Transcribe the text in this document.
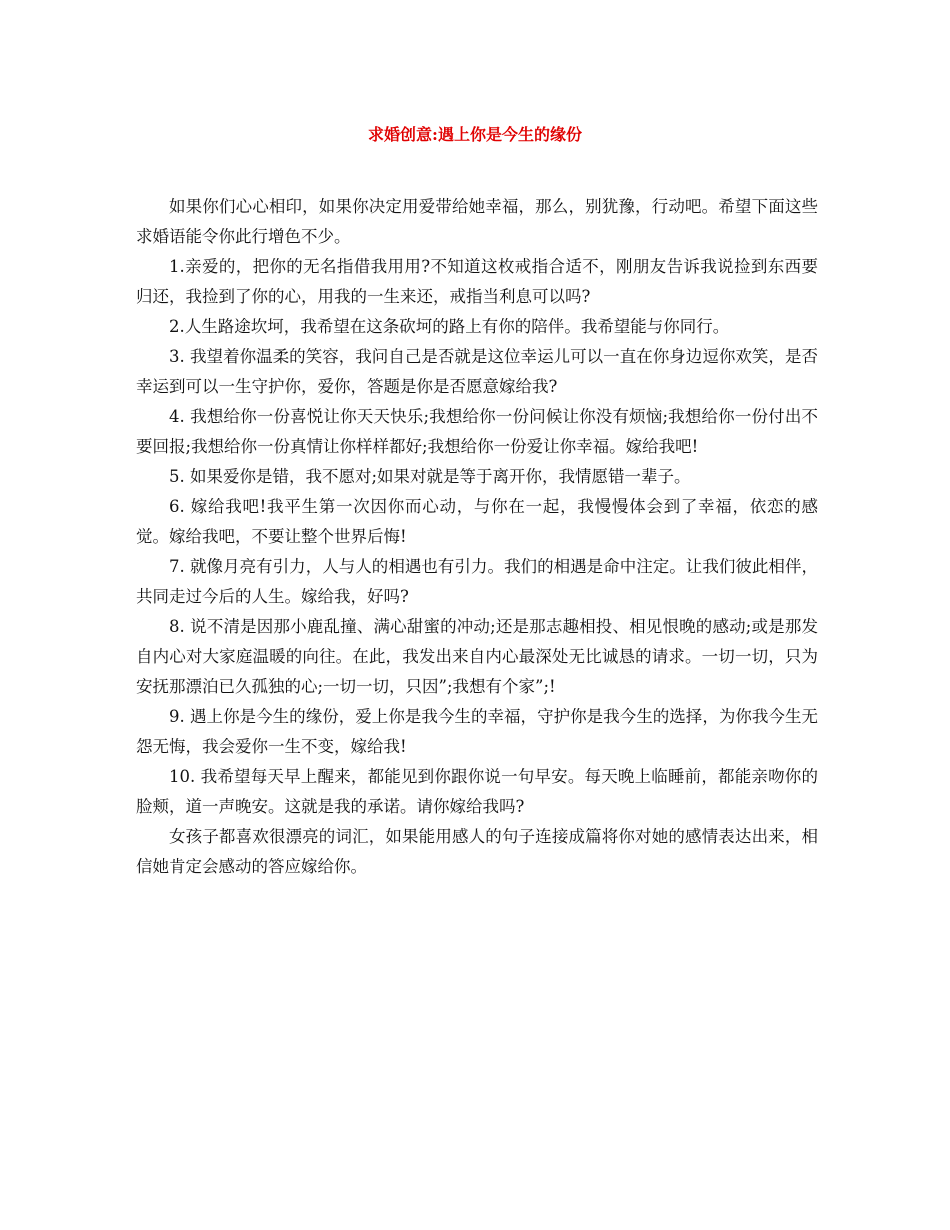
求婚创意:遇上你是今生的缘份

如果你们心心相印，如果你决定用爱带给她幸福，那么，别犹豫，行动吧。希望下面这些求婚语能令你此行增色不少。

1.亲爱的，把你的无名指借我用用?不知道这枚戒指合适不，刚朋友告诉我说捡到东西要归还，我捡到了你的心，用我的一生来还，戒指当利息可以吗?

2.人生路途坎坷，我希望在这条砍坷的路上有你的陪伴。我希望能与你同行。

3. 我望着你温柔的笑容，我问自己是否就是这位幸运儿可以一直在你身边逗你欢笑，是否幸运到可以一生守护你，爱你，答题是你是否愿意嫁给我?

4. 我想给你一份喜悦让你天天快乐;我想给你一份问候让你没有烦恼;我想给你一份付出不要回报;我想给你一份真情让你样样都好;我想给你一份爱让你幸福。嫁给我吧!

5. 如果爱你是错，我不愿对;如果对就是等于离开你，我情愿错一辈子。

6. 嫁给我吧!我平生第一次因你而心动，与你在一起，我慢慢体会到了幸福，依恋的感觉。嫁给我吧，不要让整个世界后悔!

7. 就像月亮有引力，人与人的相遇也有引力。我们的相遇是命中注定。让我们彼此相伴，共同走过今后的人生。嫁给我，好吗?

8. 说不清是因那小鹿乱撞、满心甜蜜的冲动;还是那志趣相投、相见恨晚的感动;或是那发自内心对大家庭温暖的向往。在此，我发出来自内心最深处无比诚恳的请求。一切一切，只为安抚那漂泊已久孤独的心;一切一切，只因”;我想有个家”;!

9. 遇上你是今生的缘份，爱上你是我今生的幸福，守护你是我今生的选择，为你我今生无怨无悔，我会爱你一生不变，嫁给我!

10. 我希望每天早上醒来，都能见到你跟你说一句早安。每天晚上临睡前，都能亲吻你的脸颊，道一声晚安。这就是我的承诺。请你嫁给我吗?

女孩子都喜欢很漂亮的词汇，如果能用感人的句子连接成篇将你对她的感情表达出来，相信她肯定会感动的答应嫁给你。
